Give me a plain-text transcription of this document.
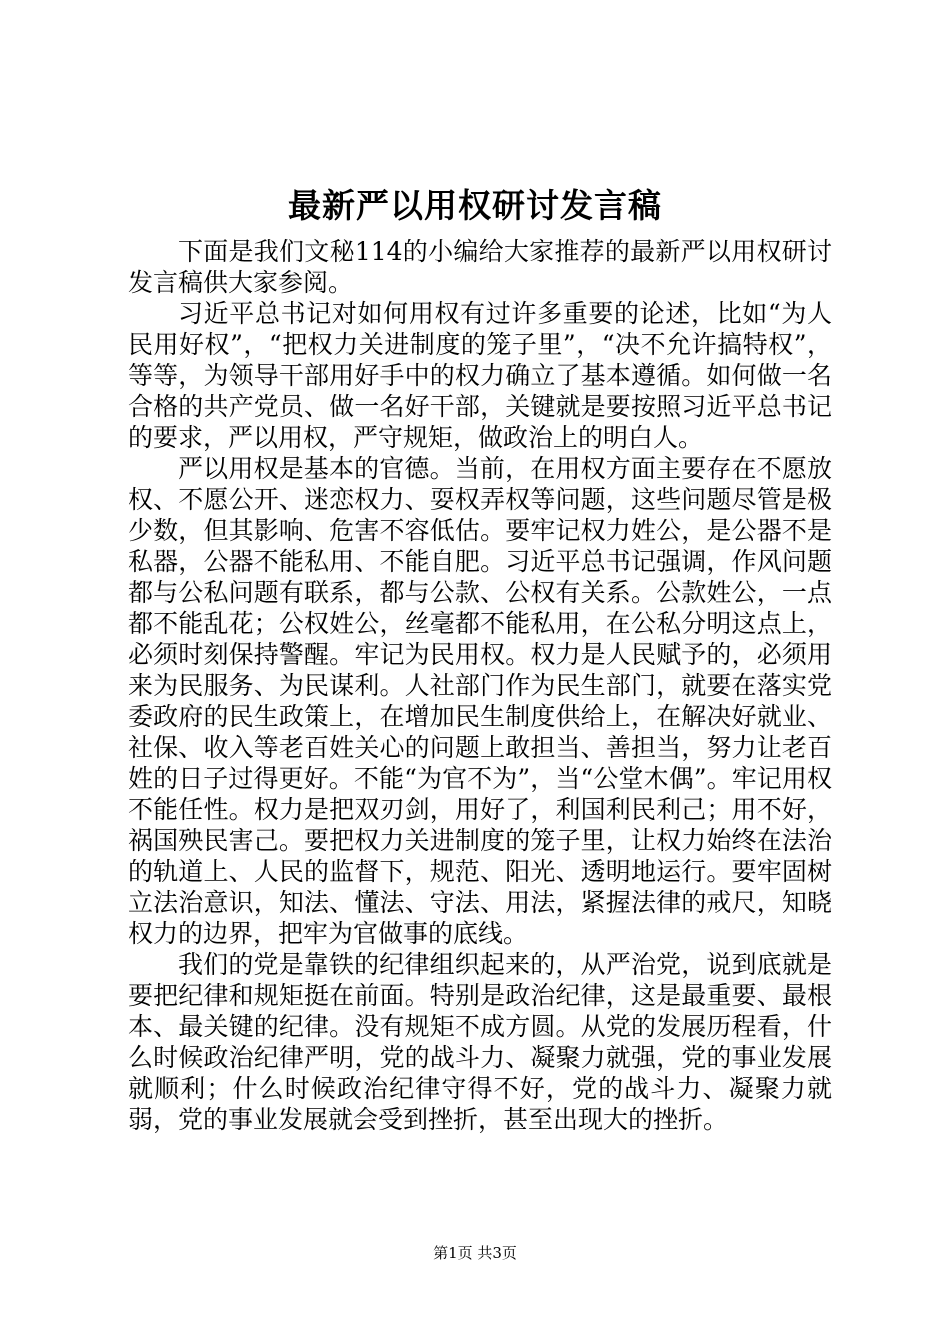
最新严以用权研讨发言稿

下面是我们文秘114的小编给大家推荐的最新严以用权研讨发言稿供大家参阅。

习近平总书记对如何用权有过许多重要的论述，比如“为人民用好权”，“把权力关进制度的笼子里”，“决不允许搞特权”，等等，为领导干部用好手中的权力确立了基本遵循。如何做一名合格的共产党员、做一名好干部，关键就是要按照习近平总书记的要求，严以用权，严守规矩，做政治上的明白人。

严以用权是基本的官德。当前，在用权方面主要存在不愿放权、不愿公开、迷恋权力、耍权弄权等问题，这些问题尽管是极少数，但其影响、危害不容低估。要牢记权力姓公，是公器不是私器，公器不能私用、不能自肥。习近平总书记强调，作风问题都与公私问题有联系，都与公款、公权有关系。公款姓公，一点都不能乱花；公权姓公，丝毫都不能私用，在公私分明这点上，必须时刻保持警醒。牢记为民用权。权力是人民赋予的，必须用来为民服务、为民谋利。人社部门作为民生部门，就要在落实党委政府的民生政策上，在增加民生制度供给上，在解决好就业、社保、收入等老百姓关心的问题上敢担当、善担当，努力让老百姓的日子过得更好。不能“为官不为”，当“公堂木偶”。牢记用权不能任性。权力是把双刃剑，用好了，利国利民利己；用不好，祸国殃民害己。要把权力关进制度的笼子里，让权力始终在法治的轨道上、人民的监督下，规范、阳光、透明地运行。要牢固树立法治意识，知法、懂法、守法、用法，紧握法律的戒尺，知晓权力的边界，把牢为官做事的底线。

我们的党是靠铁的纪律组织起来的，从严治党，说到底就是要把纪律和规矩挺在前面。特别是政治纪律，这是最重要、最根本、最关键的纪律。没有规矩不成方圆。从党的发展历程看，什么时候政治纪律严明，党的战斗力、凝聚力就强，党的事业发展就顺利；什么时候政治纪律守得不好，党的战斗力、凝聚力就弱，党的事业发展就会受到挫折，甚至出现大的挫折。

第1页 共3页
